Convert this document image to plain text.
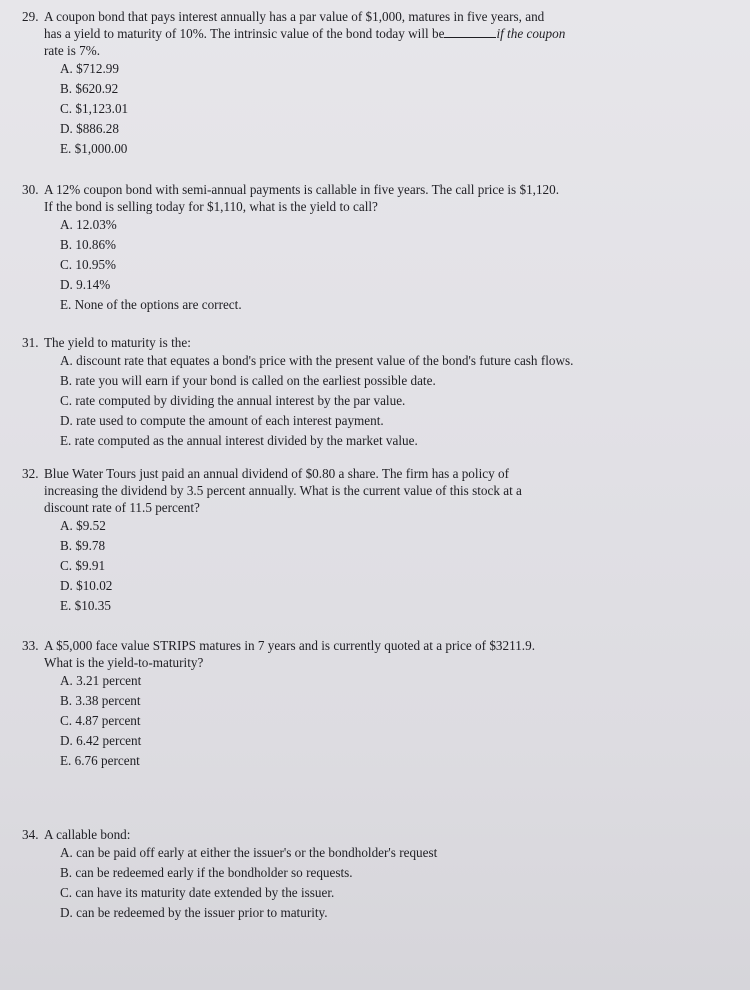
29. A coupon bond that pays interest annually has a par value of $1,000, matures in five years, and
has a yield to maturity of 10%. The intrinsic value of the bond today will be	if the coupon
rate is 7%.
A. $712.99
B. $620.92
C. $1,123.01
D. $886.28
E. $1,000.00
30. A 12% coupon bond with semi-annual payments is callable in five years. The call price is $1,120.
If the bond is selling today for $1,110, what is the yield to call?
A. 12.03%
B. 10.86%
C. 10.95%
D. 9.14%
E. None of the options are correct.
31. The yield to maturity is the:
A. discount rate that equates a bond's price with the present value of the bond's future cash flows.
B. rate you will earn if your bond is called on the earliest possible date.
C. rate computed by dividing the annual interest by the par value.
D. rate used to compute the amount of each interest payment.
E. rate computed as the annual interest divided by the market value.
32. Blue Water Tours just paid an annual dividend of $0.80 a share. The firm has a policy of
increasing the dividend by 3.5 percent annually. What is the current value of this stock at a
discount rate of 11.5 percent?
A. $9.52
B. $9.78
C. $9.91
D. $10.02
E. $10.35
33. A $5,000 face value STRIPS matures in 7 years and is currently quoted at a price of $3211.9.
What is the yield-to-maturity?
A. 3.21 percent
B. 3.38 percent
C. 4.87 percent
D. 6.42 percent
E. 6.76 percent
34. A callable bond:
A. can be paid off early at either the issuer's or the bondholder's request
B. can be redeemed early if the bondholder so requests.
C. can have its maturity date extended by the issuer.
D. can be redeemed by the issuer prior to maturity.
